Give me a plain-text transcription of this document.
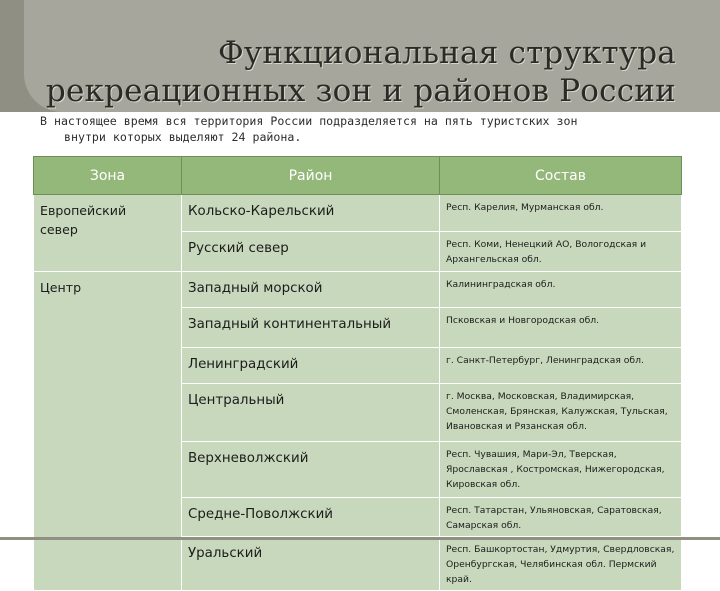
Функциональная структура
рекреационных зон и районов России
В настоящее время вся территория России подразделяется на пять туристских зон
внутри которых выделяют 24 района.
Зона	Район	Состав

Европейский
север	Кольско-Карельский	Респ. Карелия, Мурманская обл.
	Русский север	Респ. Коми, Ненецкий АО, Вологодская и Архангельская обл.

Центр	Западный морской	Калининградская обл.
	Западный континентальный	Псковская и Новгородская обл.
	Ленинградский	г. Санкт-Петербург, Ленинградская обл.
	Центральный	г. Москва, Московская, Владимирская, Смоленская, Брянская, Калужская, Тульская, Ивановская и Рязанская обл.
	Верхневолжский	Респ. Чувашия, Мари-Эл, Тверская, Ярославская , Костромская, Нижегородская, Кировская обл.
	Средне-Поволжский	Респ. Татарстан, Ульяновская, Саратовская, Самарская обл.
	Уральский	Респ. Башкортостан, Удмуртия, Свердловская, Оренбургская, Челябинская обл. Пермский край.
